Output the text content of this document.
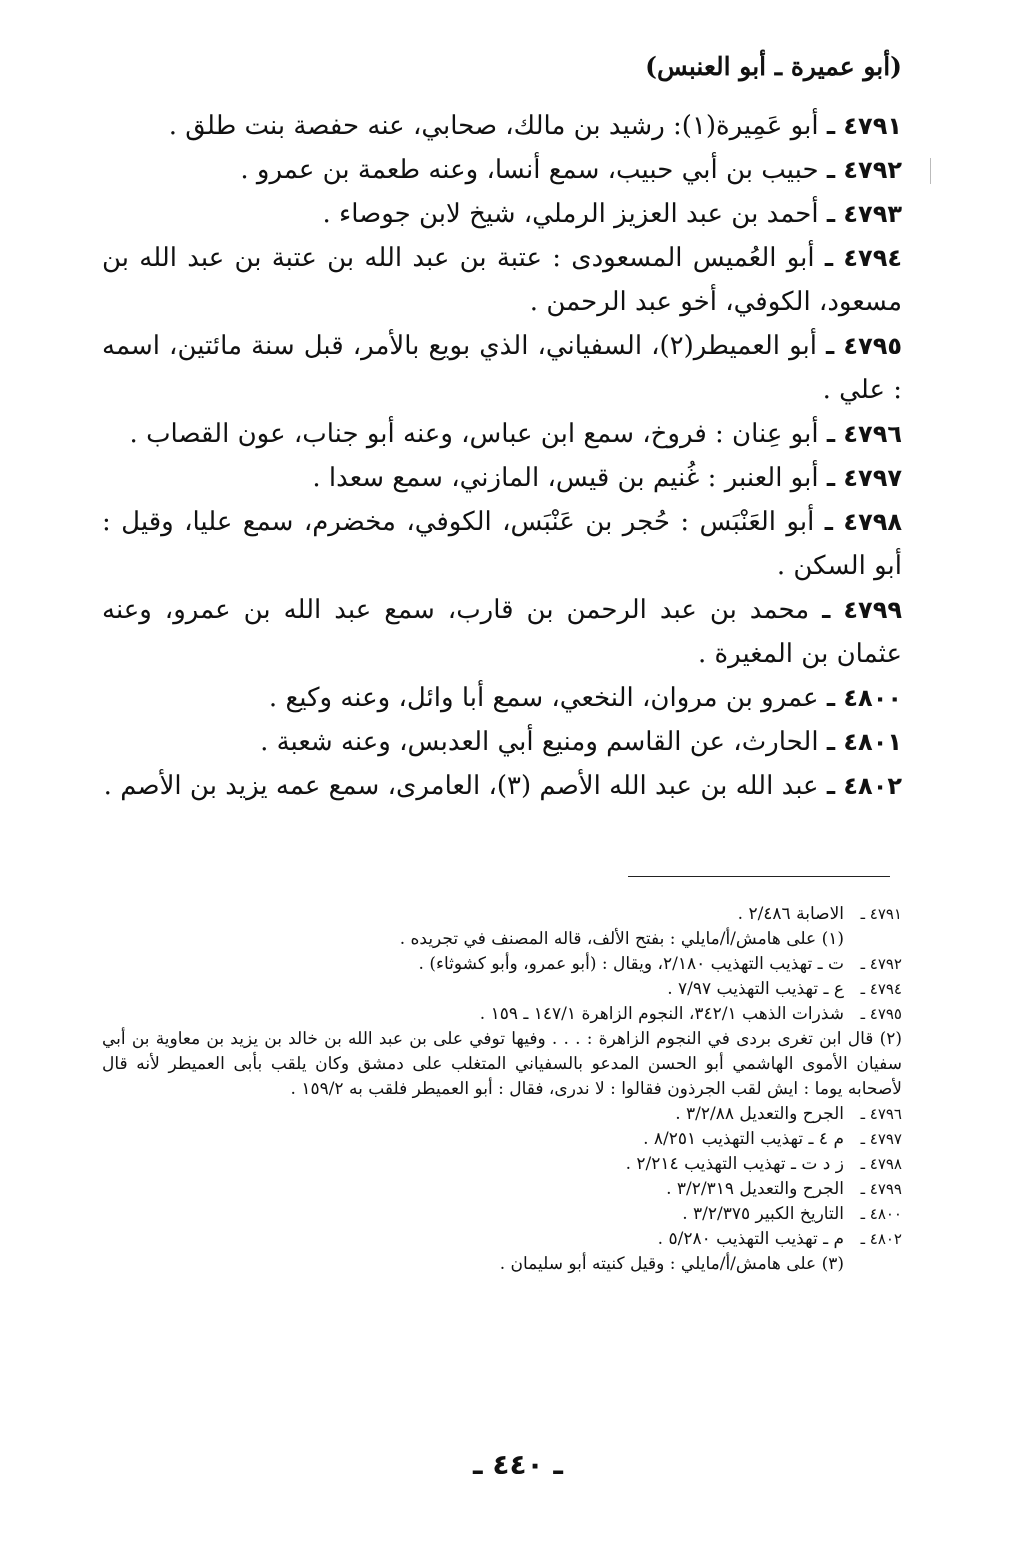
(أبو عميرة ـ أبو العنبس)
٤٧٩١ ـ أبو عَمِيرة(١): رشيد بن مالك، صحابي، عنه حفصة بنت طلق .
٤٧٩٢ ـ حبيب بن أبي حبيب، سمع أنسا، وعنه طعمة بن عمرو .
٤٧٩٣ ـ أحمد بن عبد العزيز الرملي، شيخ لابن جوصاء .
٤٧٩٤ ـ أبو العُميس المسعودى : عتبة بن عبد الله بن عتبة بن عبد الله بن مسعود، الكوفي، أخو عبد الرحمن .
٤٧٩٥ ـ أبو العميطر(٢)، السفياني، الذي بويع بالأمر، قبل سنة مائتين، اسمه : علي .
٤٧٩٦ ـ أبو عِنان : فروخ، سمع ابن عباس، وعنه أبو جناب، عون القصاب .
٤٧٩٧ ـ أبو العنبر : غُنيم بن قيس، المازني، سمع سعدا .
٤٧٩٨ ـ أبو العَنْبَس : حُجر بن عَنْبَس، الكوفي، مخضرم، سمع عليا، وقيل : أبو السكن .
٤٧٩٩ ـ محمد بن عبد الرحمن بن قارب، سمع عبد الله بن عمرو، وعنه عثمان بن المغيرة .
٤٨٠٠ ـ عمرو بن مروان، النخعي، سمع أبا وائل، وعنه وكيع .
٤٨٠١ ـ الحارث، عن القاسم ومنيع أبي العدبس، وعنه شعبة .
٤٨٠٢ ـ عبد الله بن عبد الله الأصم (٣)، العامرى، سمع عمه يزيد بن الأصم .
٤٧٩١ ـالاصابة ٢/٤٨٦ .
(١) على هامش/أ/مايلي : بفتح الألف، قاله المصنف في تجريده .
٤٧٩٢ ـت ـ تهذيب التهذيب ٢/١٨٠، ويقال : (أبو عمرو، وأبو كشوثاء) .
٤٧٩٤ ـع ـ تهذيب التهذيب ٧/٩٧ .
٤٧٩٥ ـشذرات الذهب ٣٤٢/١، النجوم الزاهرة ١٤٧/١ ـ ١٥٩ .
(٢) قال ابن تغرى بردى في النجوم الزاهرة : . . . وفيها توفي على بن عبد الله بن خالد بن يزيد بن معاوية بن أبي سفيان الأموى الهاشمي أبو الحسن المدعو بالسفياني المتغلب على دمشق وكان يلقب بأبى العميطر لأنه قال لأصحابه يوما : ايش لقب الجرذون فقالوا : لا ندرى، فقال : أبو العميطر فلقب به ١٥٩/٢ .
٤٧٩٦ ـالجرح والتعديل ٣/٢/٨٨ .
٤٧٩٧ ـم ٤ ـ تهذيب التهذيب ٨/٢٥١ .
٤٧٩٨ ـز د ت ـ تهذيب التهذيب ٢/٢١٤ .
٤٧٩٩ ـالجرح والتعديل ٣/٢/٣١٩ .
٤٨٠٠ ـالتاريخ الكبير ٣/٢/٣٧٥ .
٤٨٠٢ ـم ـ تهذيب التهذيب ٥/٢٨٠ .
(٣) على هامش/أ/مايلي : وقيل كنيته أبو سليمان .
ـ ٤٤٠ ـ
